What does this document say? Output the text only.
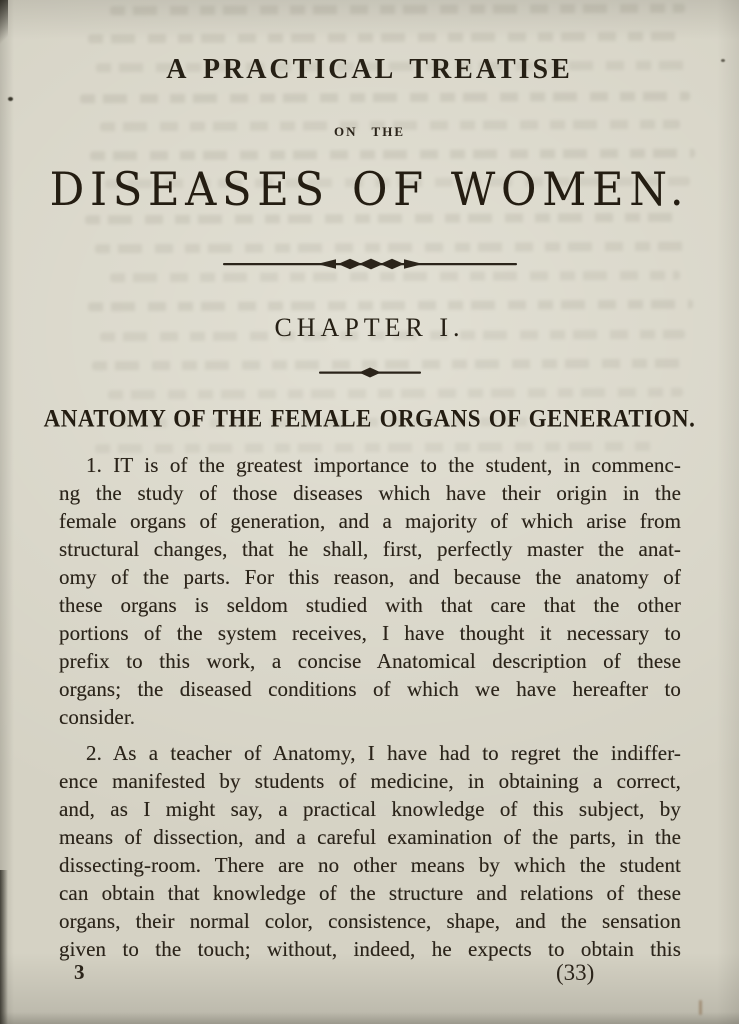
A PRACTICAL TREATISE
ON THE
DISEASES OF WOMEN.
CHAPTER I.
ANATOMY OF THE FEMALE ORGANS OF GENERATION.
1. IT is of the greatest importance to the student, in commenc-
ng the study of those diseases which have their origin in the
female organs of generation, and a majority of which arise from
structural changes, that he shall, first, perfectly master the anat-
omy of the parts. For this reason, and because the anatomy of
these organs is seldom studied with that care that the other
portions of the system receives, I have thought it necessary to
prefix to this work, a concise Anatomical description of these
organs; the diseased conditions of which we have hereafter to
consider.
2. As a teacher of Anatomy, I have had to regret the indiffer-
ence manifested by students of medicine, in obtaining a correct,
and, as I might say, a practical knowledge of this subject, by
means of dissection, and a careful examination of the parts, in the
dissecting-room. There are no other means by which the student
can obtain that knowledge of the structure and relations of these
organs, their normal color, consistence, shape, and the sensation
given to the touch; without, indeed, he expects to obtain this
3	(33)
